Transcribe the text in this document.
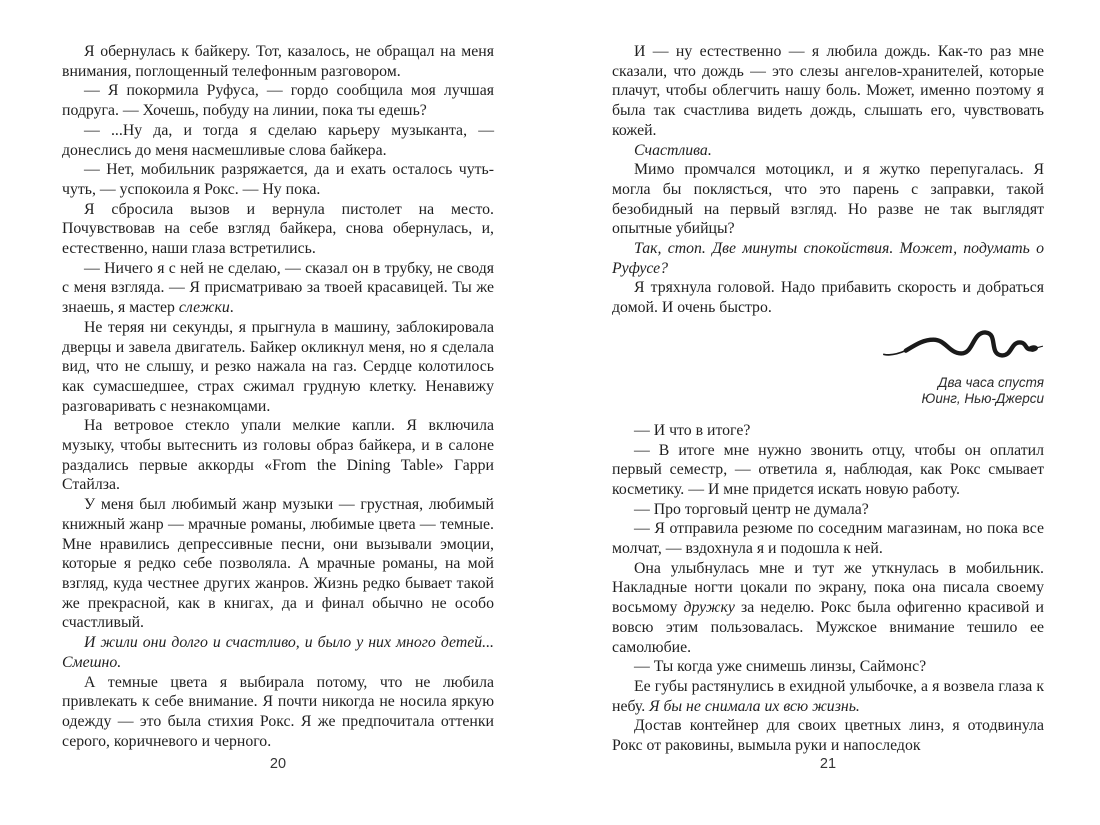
Я обернулась к байкеру. Тот, казалось, не обращал на меня внимания, поглощенный телефонным разговором.

— Я покормила Руфуса, — гордо сообщила моя лучшая подруга. — Хочешь, побуду на линии, пока ты едешь?

— ...Ну да, и тогда я сделаю карьеру музыканта, — донеслись до меня насмешливые слова байкера.

— Нет, мобильник разряжается, да и ехать осталось чуть-чуть, — успокоила я Рокс. — Ну пока.

Я сбросила вызов и вернула пистолет на место. Почувствовав на себе взгляд байкера, снова обернулась, и, естественно, наши глаза встретились.

— Ничего я с ней не сделаю, — сказал он в трубку, не сводя с меня взгляда. — Я присматриваю за твоей красавицей. Ты же знаешь, я мастер слежки.

Не теряя ни секунды, я прыгнула в машину, заблокировала дверцы и завела двигатель. Байкер окликнул меня, но я сделала вид, что не слышу, и резко нажала на газ. Сердце колотилось как сумасшедшее, страх сжимал грудную клетку. Ненавижу разговаривать с незнакомцами.

На ветровое стекло упали мелкие капли. Я включила музыку, чтобы вытеснить из головы образ байкера, и в салоне раздались первые аккорды «From the Dining Table» Гарри Стайлза.

У меня был любимый жанр музыки — грустная, любимый книжный жанр — мрачные романы, любимые цвета — темные. Мне нравились депрессивные песни, они вызывали эмоции, которые я редко себе позволяла. А мрачные романы, на мой взгляд, куда честнее других жанров. Жизнь редко бывает такой же прекрасной, как в книгах, да и финал обычно не особо счастливый.

И жили они долго и счастливо, и было у них много детей... Смешно.

А темные цвета я выбирала потому, что не любила привлекать к себе внимание. Я почти никогда не носила яркую одежду — это была стихия Рокс. Я же предпочитала оттенки серого, коричневого и черного.

И — ну естественно — я любила дождь. Как-то раз мне сказали, что дождь — это слезы ангелов-хранителей, которые плачут, чтобы облегчить нашу боль. Может, именно поэтому я была так счастлива видеть дождь, слышать его, чувствовать кожей.

Счастлива.

Мимо промчался мотоцикл, и я жутко перепугалась. Я могла бы поклясться, что это парень с заправки, такой безобидный на первый взгляд. Но разве не так выглядят опытные убийцы?

Так, стоп. Две минуты спокойствия. Может, подумать о Руфусе?

Я тряхнула головой. Надо прибавить скорость и добраться домой. И очень быстро.

Два часа спустя
Юинг, Нью-Джерси

— И что в итоге?

— В итоге мне нужно звонить отцу, чтобы он оплатил первый семестр, — ответила я, наблюдая, как Рокс смывает косметику. — И мне придется искать новую работу.

— Про торговый центр не думала?

— Я отправила резюме по соседним магазинам, но пока все молчат, — вздохнула я и подошла к ней.

Она улыбнулась мне и тут же уткнулась в мобильник. Накладные ногти цокали по экрану, пока она писала своему восьмому дружку за неделю. Рокс была офигенно красивой и вовсю этим пользовалась. Мужское внимание тешило ее самолюбие.

— Ты когда уже снимешь линзы, Саймонс?

Ее губы растянулись в ехидной улыбочке, а я возвела глаза к небу. Я бы не снимала их всю жизнь.

Достав контейнер для своих цветных линз, я отодвинула Рокс от раковины, вымыла руки и напоследок

20	21
